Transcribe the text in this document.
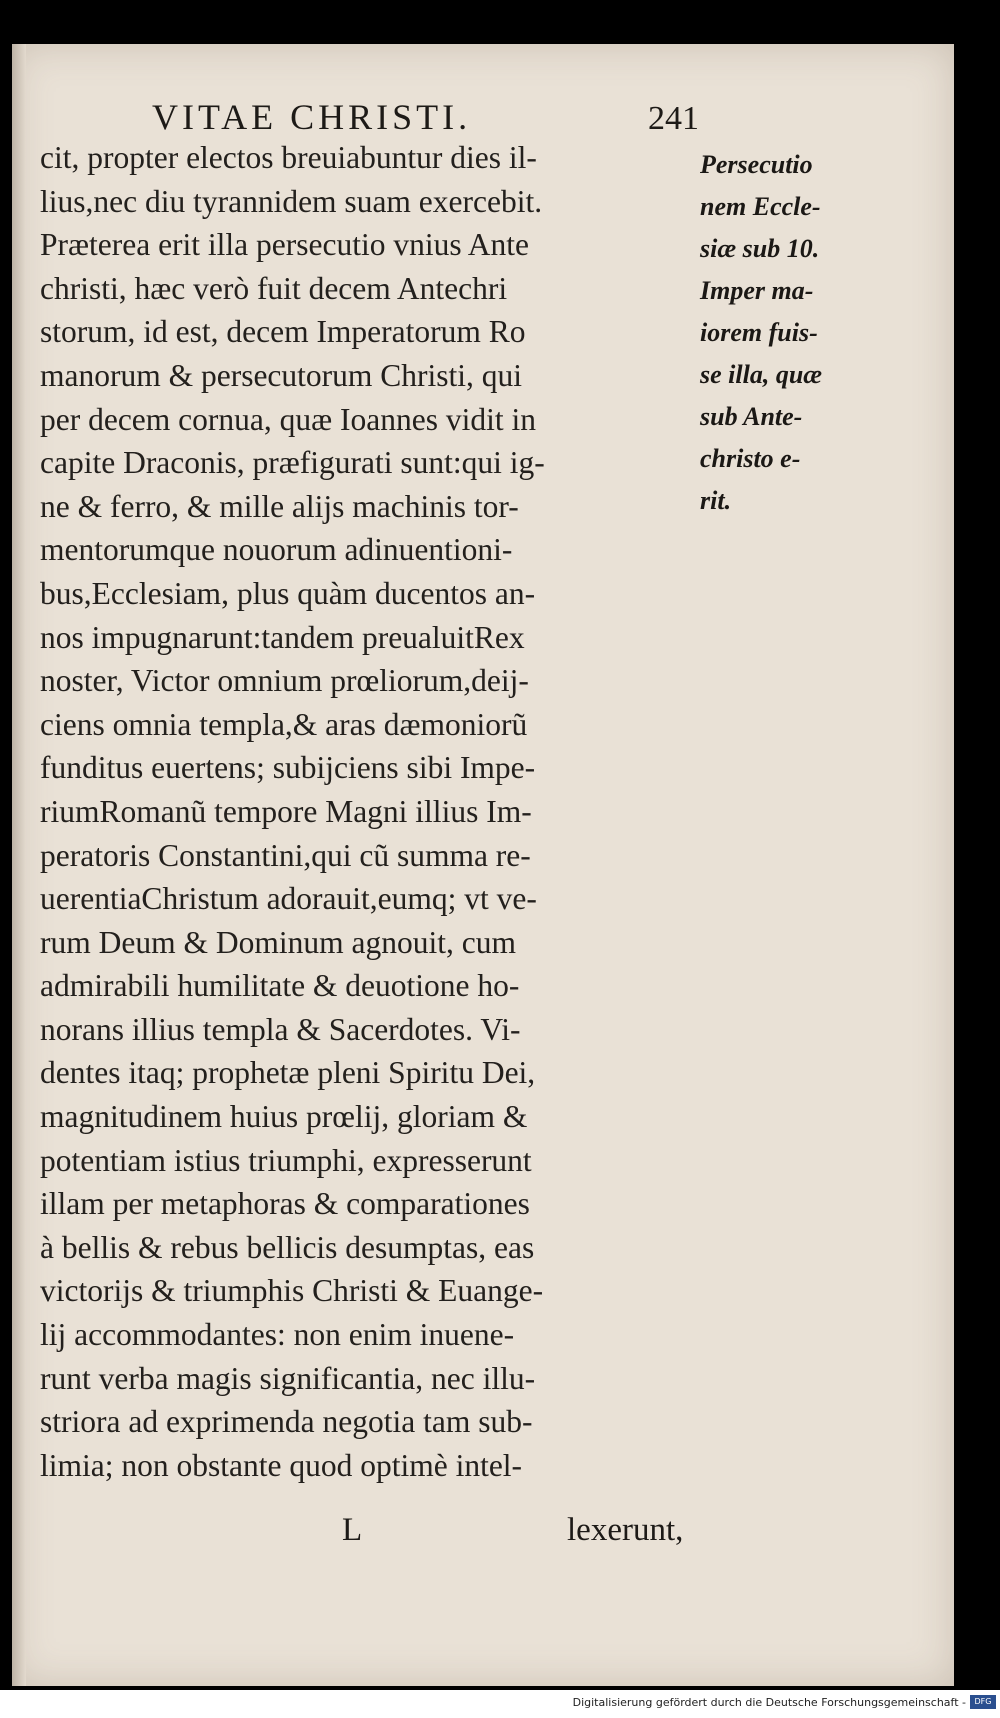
VITAE CHRISTI.	241
cit, propter electos breuiabuntur dies il-
lius,nec diu tyrannidem suam exercebit.
Præterea erit illa persecutio vnius Ante
christi, hæc verò fuit decem Antechri
storum, id est, decem Imperatorum Ro
manorum & persecutorum Christi, qui
per decem cornua, quæ Ioannes vidit in
capite Draconis, præfigurati sunt:qui ig-
ne & ferro, & mille alijs machinis tor-
mentorumque nouorum adinuentioni-
bus,Ecclesiam, plus quàm ducentos an-
nos impugnarunt:tandem preualuitRex
noster, Victor omnium prœliorum,deij-
ciens omnia templa,& aras dæmoniorũ
funditus euertens; subijciens sibi Impe-
riumRomanũ tempore Magni illius Im-
peratoris Constantini,qui cũ summa re-
uerentiaChristum adorauit,eumq; vt ve-
rum Deum & Dominum agnouit, cum
admirabili humilitate & deuotione ho-
norans illius templa & Sacerdotes. Vi-
dentes itaq; prophetæ pleni Spiritu Dei,
magnitudinem huius prœlij, gloriam &
potentiam istius triumphi, expresserunt
illam per metaphoras & comparationes
à bellis & rebus bellicis desumptas, eas
victorijs & triumphis Christi & Euange-
lij accommodantes: non enim inuene-
runt verba magis significantia, nec illu-
striora ad exprimenda negotia tam sub-
limia; non obstante quod optimè intel-
Persecutio
nem Eccle-
siæ sub 10.
Imper ma-
iorem fuis-
se illa, quæ
sub Ante-
christo e-
rit.
L	lexerunt,
Digitalisierung gefördert durch die Deutsche Forschungsgemeinschaft -	DFG
